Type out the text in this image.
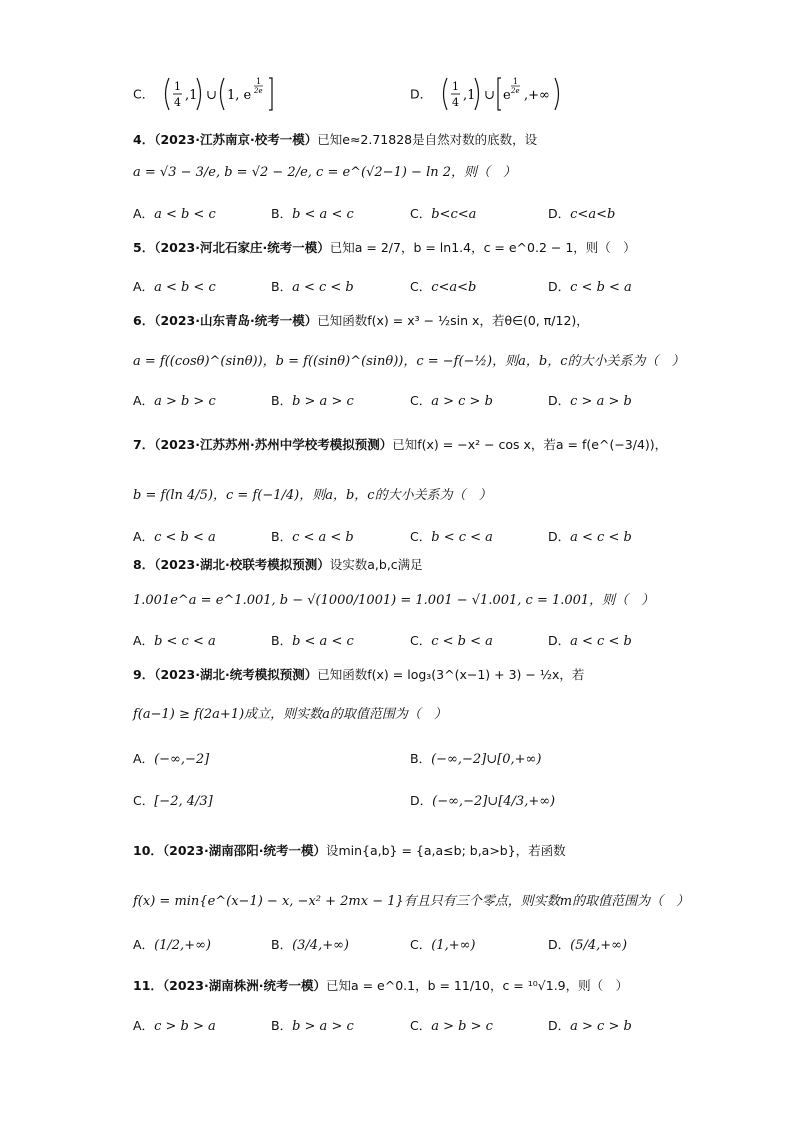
C． 1
4 ,1 ∪ 1, e
1
2e	D． 1
4 ,1 ∪ e
1
2e ,+∞
4．（2023·江苏南京·校考一模）已知e≈2.71828是自然对数的底数，设
a = √3 − 3/e, b = √2 − 2/e, c = e^(√2−1) − ln 2，则（　）
A．a < b < c	B．b < a < c	C．b<c<a	D．c<a<b
5．（2023·河北石家庄·统考一模）已知a = 2/7，b = ln1.4，c = e^0.2 − 1，则（　）
A．a < b < c	B．a < c < b	C．c<a<b	D．c < b < a
6．（2023·山东青岛·统考一模）已知函数f(x) = x³ − ½sin x，若θ∈(0, π/12)，
a = f((cosθ)^(sinθ))，b = f((sinθ)^(sinθ))，c = −f(−½)，则a，b，c的大小关系为（　）
A．a > b > c	B．b > a > c	C．a > c > b	D．c > a > b
7．（2023·江苏苏州·苏州中学校考模拟预测）已知f(x) = −x² − cos x，若a = f(e^(−3/4))，
b = f(ln 4/5)，c = f(−1/4)，则a，b，c的大小关系为（　）
A．c < b < a	B．c < a < b	C．b < c < a	D．a < c < b
8．（2023·湖北·校联考模拟预测）设实数a,b,c满足
1.001e^a = e^1.001, b − √(1000/1001) = 1.001 − √1.001, c = 1.001，则（　）
A．b < c < a	B．b < a < c	C．c < b < a	D．a < c < b
9．（2023·湖北·统考模拟预测）已知函数f(x) = log₃(3^(x−1) + 3) − ½x，若
f(a−1) ≥ f(2a+1)成立，则实数a的取值范围为（　）
A．(−∞,−2]	B．(−∞,−2]∪[0,+∞)
C．[−2, 4/3]	D．(−∞,−2]∪[4/3,+∞)
10．（2023·湖南邵阳·统考一模）设min{a,b} = {a,a≤b; b,a>b}，若函数
f(x) = min{e^(x−1) − x, −x² + 2mx − 1}有且只有三个零点，则实数m的取值范围为（　）
A．(1/2,+∞)	B．(3/4,+∞)	C．(1,+∞)	D．(5/4,+∞)
11．（2023·湖南株洲·统考一模）已知a = e^0.1，b = 11/10，c = ¹⁰√1.9，则（　）
A．c > b > a	B．b > a > c	C．a > b > c	D．a > c > b
